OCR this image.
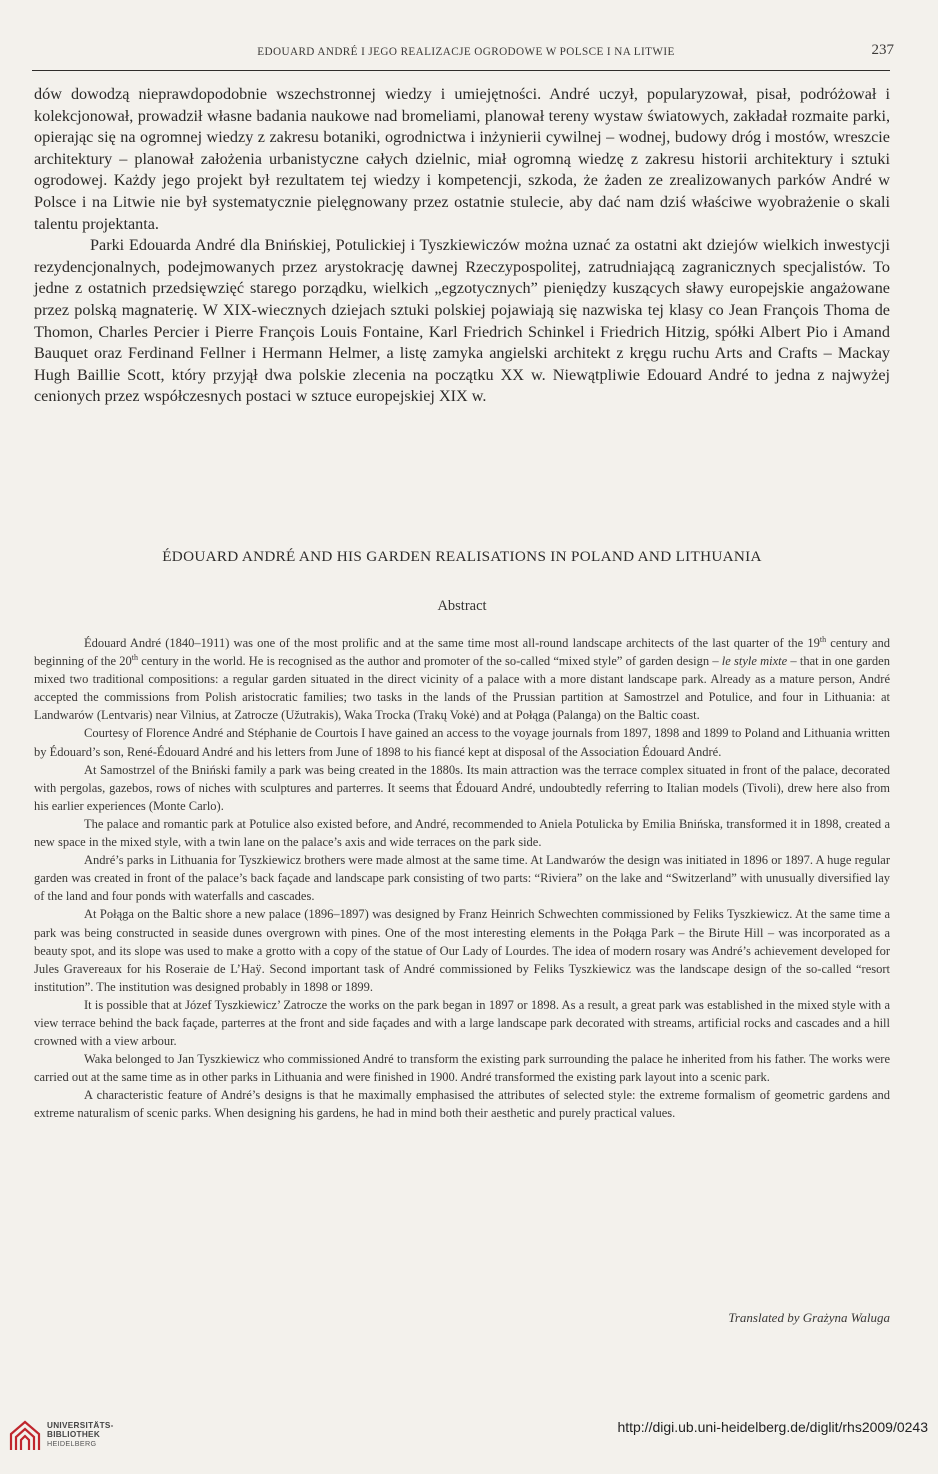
EDOUARD ANDRÉ I JEGO REALIZACJE OGRODOWE W POLSCE I NA LITWIE	237

dów dowodzą nieprawdopodobnie wszechstronnej wiedzy i umiejętności. André uczył, popularyzował, pisał, podróżował i kolekcjonował, prowadził własne badania naukowe nad bromeliami, planował tereny wystaw światowych, zakładał rozmaite parki, opierając się na ogromnej wiedzy z zakresu botaniki, ogrodnictwa i inżynierii cywilnej – wodnej, budowy dróg i mostów, wreszcie architektury – planował założenia urbanistyczne całych dzielnic, miał ogromną wiedzę z zakresu historii architektury i sztuki ogrodowej. Każdy jego projekt był rezultatem tej wiedzy i kompetencji, szkoda, że żaden ze zrealizowanych parków André w Polsce i na Litwie nie był systematycznie pielęgnowany przez ostatnie stulecie, aby dać nam dziś właściwe wyobrażenie o skali talentu projektanta.

Parki Edouarda André dla Bnińskiej, Potulickiej i Tyszkiewiczów można uznać za ostatni akt dziejów wielkich inwestycji rezydencjonalnych, podejmowanych przez arystokrację dawnej Rzeczypospolitej, zatrudniającą zagranicznych specjalistów. To jedne z ostatnich przedsięwzięć starego porządku, wielkich „egzotycznych” pieniędzy kuszących sławy europejskie angażowane przez polską magnaterię. W XIX-wiecznych dziejach sztuki polskiej pojawiają się nazwiska tej klasy co Jean François Thoma de Thomon, Charles Percier i Pierre François Louis Fontaine, Karl Friedrich Schinkel i Friedrich Hitzig, spółki Albert Pio i Amand Bauquet oraz Ferdinand Fellner i Hermann Helmer, a listę zamyka angielski architekt z kręgu ruchu Arts and Crafts – Mackay Hugh Baillie Scott, który przyjął dwa polskie zlecenia na początku XX w. Niewątpliwie Edouard André to jedna z najwyżej cenionych przez współczesnych postaci w sztuce europejskiej XIX w.

ÉDOUARD ANDRÉ AND HIS GARDEN REALISATIONS IN POLAND AND LITHUANIA
Abstract

Édouard André (1840–1911) was one of the most prolific and at the same time most all-round landscape architects of the last quarter of the 19th century and beginning of the 20th century in the world. He is recognised as the author and promoter of the so-called “mixed style” of garden design – le style mixte – that in one garden mixed two traditional compositions: a regular garden situated in the direct vicinity of a palace with a more distant landscape park. Already as a mature person, André accepted the commissions from Polish aristocratic families; two tasks in the lands of the Prussian partition at Samostrzel and Potulice, and four in Lithuania: at Landwarów (Lentvaris) near Vilnius, at Zatrocze (Užutrakis), Waka Trocka (Trakų Vokė) and at Połąga (Palanga) on the Baltic coast.

Courtesy of Florence André and Stéphanie de Courtois I have gained an access to the voyage journals from 1897, 1898 and 1899 to Poland and Lithuania written by Édouard’s son, René-Édouard André and his letters from June of 1898 to his fiancé kept at disposal of the Association Édouard André.

At Samostrzel of the Bniński family a park was being created in the 1880s. Its main attraction was the terrace complex situated in front of the palace, decorated with pergolas, gazebos, rows of niches with sculptures and parterres. It seems that Édouard André, undoubtedly referring to Italian models (Tivoli), drew here also from his earlier experiences (Monte Carlo).

The palace and romantic park at Potulice also existed before, and André, recommended to Aniela Potulicka by Emilia Bnińska, transformed it in 1898, created a new space in the mixed style, with a twin lane on the palace’s axis and wide terraces on the park side.

André’s parks in Lithuania for Tyszkiewicz brothers were made almost at the same time. At Landwarów the design was initiated in 1896 or 1897. A huge regular garden was created in front of the palace’s back façade and landscape park consisting of two parts: “Riviera” on the lake and “Switzerland” with unusually diversified lay of the land and four ponds with waterfalls and cascades.

At Połąga on the Baltic shore a new palace (1896–1897) was designed by Franz Heinrich Schwechten commissioned by Feliks Tyszkiewicz. At the same time a park was being constructed in seaside dunes overgrown with pines. One of the most interesting elements in the Połąga Park – the Birute Hill – was incorporated as a beauty spot, and its slope was used to make a grotto with a copy of the statue of Our Lady of Lourdes. The idea of modern rosary was André’s achievement developed for Jules Gravereaux for his Roseraie de L’Haÿ. Second important task of André commissioned by Feliks Tyszkiewicz was the landscape design of the so-called “resort institution”. The institution was designed probably in 1898 or 1899.

It is possible that at Józef Tyszkiewicz’ Zatrocze the works on the park began in 1897 or 1898. As a result, a great park was established in the mixed style with a view terrace behind the back façade, parterres at the front and side façades and with a large landscape park decorated with streams, artificial rocks and cascades and a hill crowned with a view arbour.

Waka belonged to Jan Tyszkiewicz who commissioned André to transform the existing park surrounding the palace he inherited from his father. The works were carried out at the same time as in other parks in Lithuania and were finished in 1900. André transformed the existing park layout into a scenic park.

A characteristic feature of André’s designs is that he maximally emphasised the attributes of selected style: the extreme formalism of geometric gardens and extreme naturalism of scenic parks. When designing his gardens, he had in mind both their aesthetic and purely practical values.

Translated by Grażyna Waluga
UNIVERSITÄTS-
BIBLIOTHEK
HEIDELBERG
http://digi.ub.uni-heidelberg.de/diglit/rhs2009/0243
